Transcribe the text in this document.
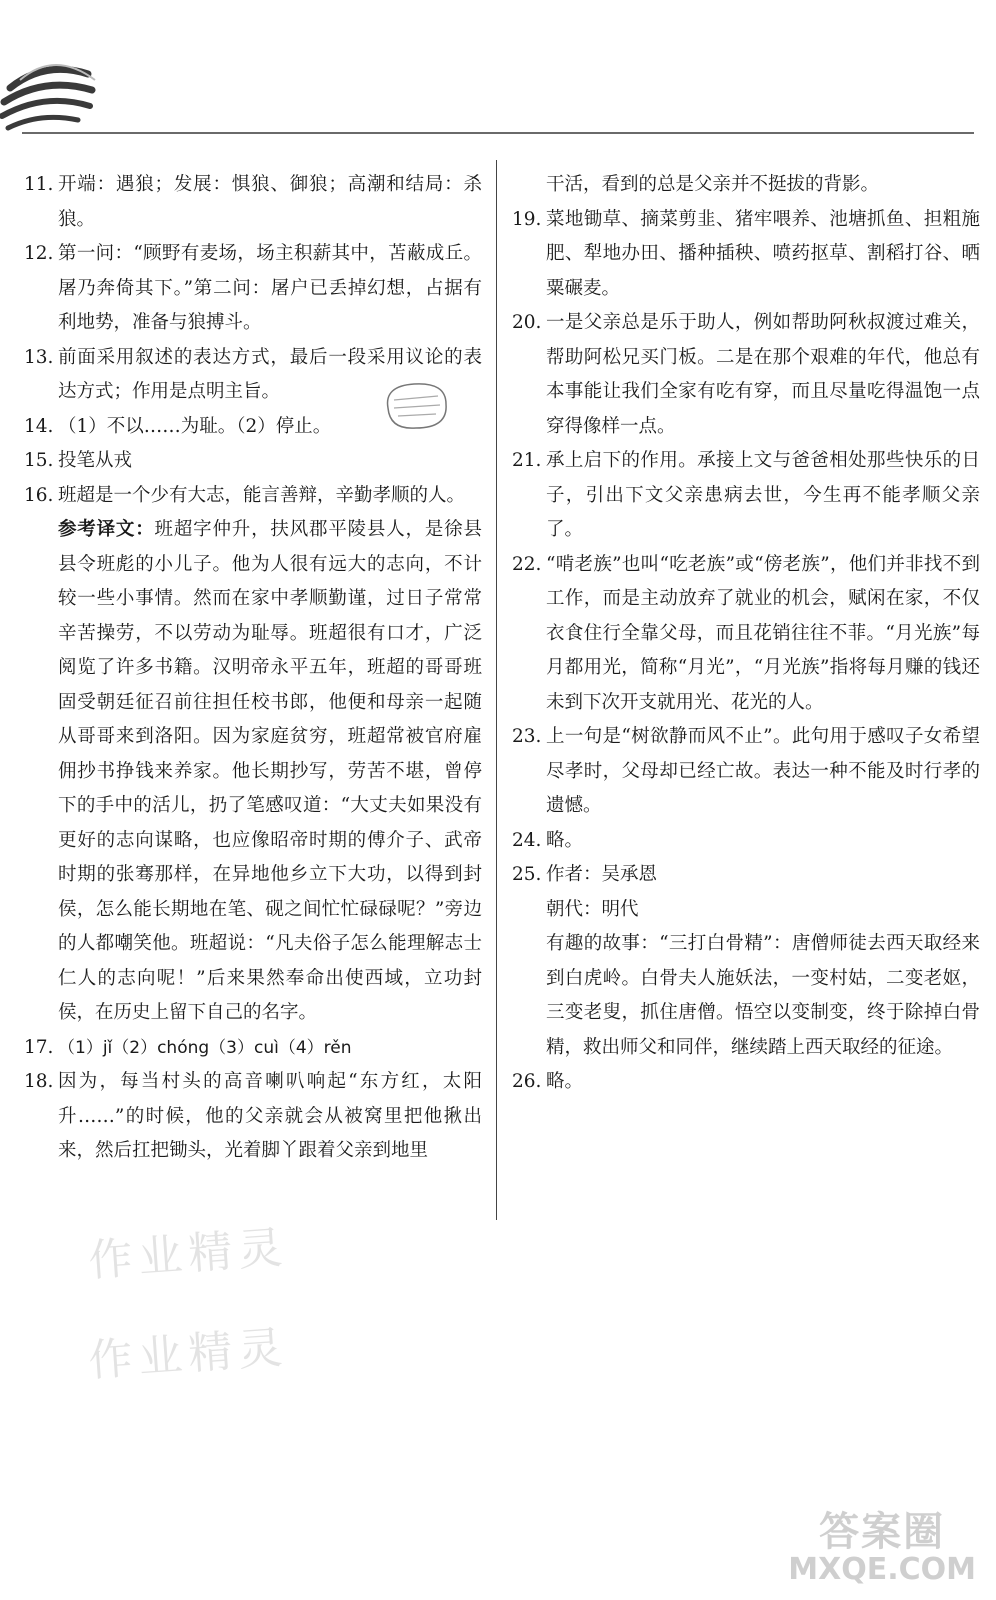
11. 开端：遇狼；发展：惧狼、御狼；高潮和结局：杀狼。
12. 第一问：“顾野有麦场，场主积薪其中，苫蔽成丘。屠乃奔倚其下。”第二问：屠户已丢掉幻想，占据有利地势，准备与狼搏斗。
13. 前面采用叙述的表达方式，最后一段采用议论的表达方式；作用是点明主旨。
14. （1）不以……为耻。（2）停止。
15. 投笔从戎
16. 班超是一个少有大志，能言善辩，辛勤孝顺的人。
参考译文：班超字仲升，扶风郡平陵县人，是徐县县令班彪的小儿子。他为人很有远大的志向，不计较一些小事情。然而在家中孝顺勤谨，过日子常常辛苦操劳，不以劳动为耻辱。班超很有口才，广泛阅览了许多书籍。汉明帝永平五年，班超的哥哥班固受朝廷征召前往担任校书郎，他便和母亲一起随从哥哥来到洛阳。因为家庭贫穷，班超常被官府雇佣抄书挣钱来养家。他长期抄写，劳苦不堪，曾停下的手中的活儿，扔了笔感叹道：“大丈夫如果没有更好的志向谋略，也应像昭帝时期的傅介子、武帝时期的张骞那样，在异地他乡立下大功，以得到封侯，怎么能长期地在笔、砚之间忙忙碌碌呢？”旁边的人都嘲笑他。班超说：“凡夫俗子怎么能理解志士仁人的志向呢！”后来果然奉命出使西域，立功封侯，在历史上留下自己的名字。
17. （1）jǐ（2）chóng（3）cuì（4）rěn
18. 因为，每当村头的高音喇叭响起“东方红，太阳升……”的时候，他的父亲就会从被窝里把他揪出来，然后扛把锄头，光着脚丫跟着父亲到地里
干活，看到的总是父亲并不挺拔的背影。
19. 菜地锄草、摘菜剪韭、猪牢喂养、池塘抓鱼、担粗施肥、犁地办田、播种插秧、喷药抠草、割稻打谷、晒粟碾麦。
20. 一是父亲总是乐于助人，例如帮助阿秋叔渡过难关，帮助阿松兄买门板。二是在那个艰难的年代，他总有本事能让我们全家有吃有穿，而且尽量吃得温饱一点穿得像样一点。
21. 承上启下的作用。承接上文与爸爸相处那些快乐的日子，引出下文父亲患病去世，今生再不能孝顺父亲了。
22. “啃老族”也叫“吃老族”或“傍老族”，他们并非找不到工作，而是主动放弃了就业的机会，赋闲在家，不仅衣食住行全靠父母，而且花销往往不菲。“月光族”每月都用光，简称“月光”，“月光族”指将每月赚的钱还未到下次开支就用光、花光的人。
23. 上一句是“树欲静而风不止”。此句用于感叹子女希望尽孝时，父母却已经亡故。表达一种不能及时行孝的遗憾。
24. 略。
25. 作者：吴承恩
朝代：明代
有趣的故事：“三打白骨精”：唐僧师徒去西天取经来到白虎岭。白骨夫人施妖法，一变村姑，二变老妪，三变老叟，抓住唐僧。悟空以变制变，终于除掉白骨精，救出师父和同伴，继续踏上西天取经的征途。
26. 略。
作业精灵
作业精灵
答案圈
MXQE.COM
